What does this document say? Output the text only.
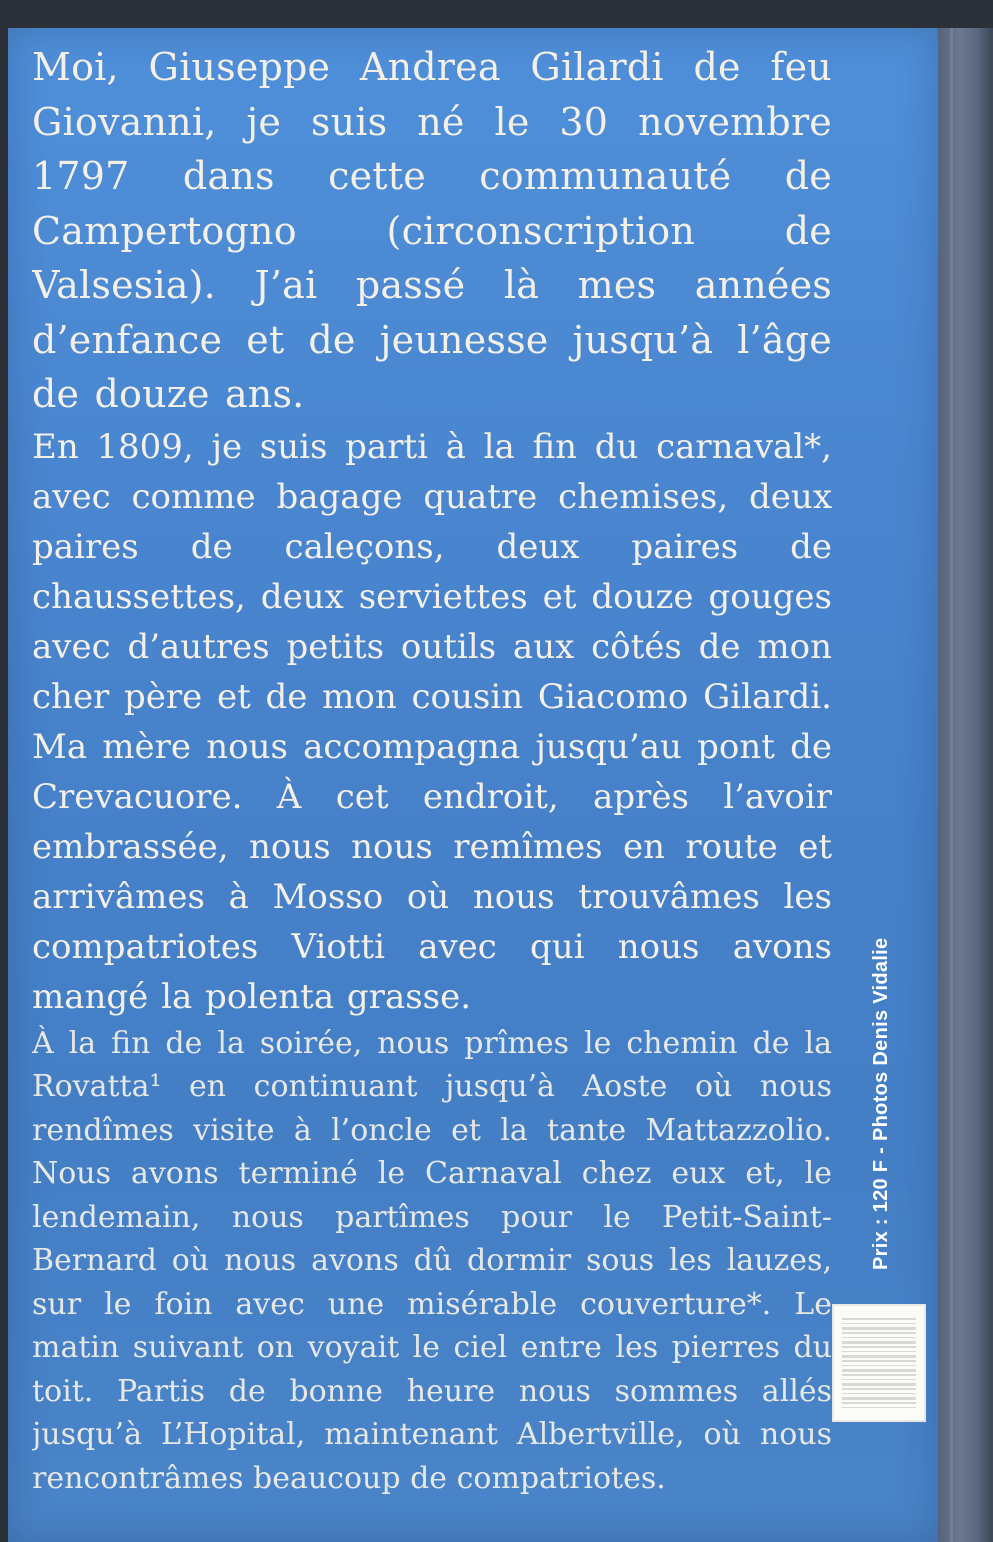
Moi, Giuseppe Andrea Gilardi de feu Giovanni, je suis né le 30 novembre 1797 dans cette communauté de Campertogno (circonscription de Valsesia). J’ai passé là mes années d’enfance et de jeunesse jusqu’à l’âge de douze ans.

En 1809, je suis parti à la fin du carnaval*, avec comme bagage quatre chemises, deux paires de caleçons, deux paires de chaussettes, deux serviettes et douze gouges avec d’autres petits outils aux côtés de mon cher père et de mon cousin Giacomo Gilardi. Ma mère nous accompagna jusqu’au pont de Crevacuore. À cet endroit, après l’avoir embrassée, nous nous remîmes en route et arrivâmes à Mosso où nous trouvâmes les compatriotes Viotti avec qui nous avons mangé la polenta grasse.

À la fin de la soirée, nous prîmes le chemin de la Rovatta¹ en continuant jusqu’à Aoste où nous rendîmes visite à l’oncle et la tante Mattazzolio. Nous avons terminé le Carnaval chez eux et, le lendemain, nous partîmes pour le Petit-Saint-Bernard où nous avons dû dormir sous les lauzes, sur le foin avec une misérable couverture*. Le matin suivant on voyait le ciel entre les pierres du toit. Partis de bonne heure nous sommes allés jusqu’à L’Hopital, maintenant Albertville, où nous rencontrâmes beaucoup de compatriotes.
